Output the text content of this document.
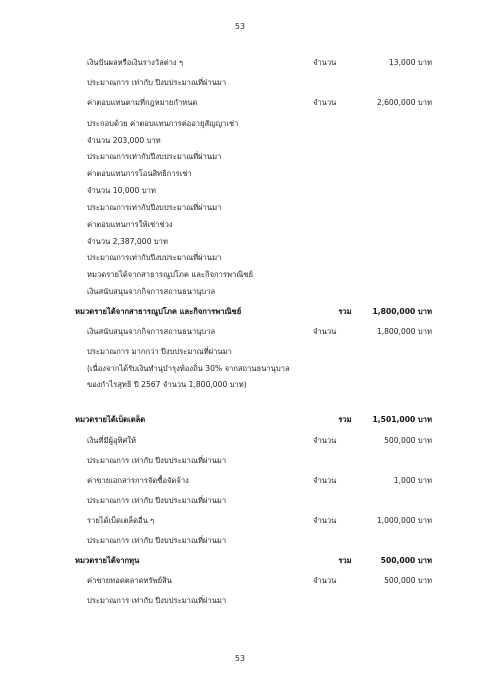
53
เงินปันผลหรือเงินรางวัลต่าง ๆ	จำนวน	13,000 บาท
ประมาณการ เท่ากับ ปีงบประมาณที่ผ่านมา
ค่าตอบแทนตามที่กฎหมายกำหนด	จำนวน	2,600,000 บาท
ประกอบด้วย ค่าตอบแทนการต่ออายุสัญญาเช่า
จำนวน 203,000 บาท
ประมาณการเท่ากับปีงบประมาณที่ผ่านมา
ค่าตอบแทนการโอนสิทธิการเช่า
จำนวน 10,000 บาท
ประมาณการเท่ากับปีงบประมาณที่ผ่านมา
ค่าตอบแทนการให้เช่าช่วง
จำนวน 2,387,000 บาท
ประมาณการเท่ากับปีงบประมาณที่ผ่านมา
หมวดรายได้จากสาธารณูปโภค และกิจการพาณิชย์
เงินสนับสนุนจากกิจการสถานธนานุบาล
หมวดรายได้จากสาธารณูปโภค และกิจการพาณิชย์	รวม	1,800,000 บาท
เงินสนับสนุนจากกิจการสถานธนานุบาล	จำนวน	1,800,000 บาท
ประมาณการ มากกว่า ปีงบประมาณที่ผ่านมา
(เนื่องจากได้รับเงินทำนุบำรุงท้องถิ่น 30% จากสถานธนานุบาล
ของกำไรสุทธิ ปี 2567 จำนวน 1,800,000 บาท)
หมวดรายได้เบ็ดเตล็ด	รวม	1,501,000 บาท
เงินที่มีผู้อุทิศให้	จำนวน	500,000 บาท
ประมาณการ เท่ากับ ปีงบประมาณที่ผ่านมา
ค่าขายเอกสารการจัดซื้อจัดจ้าง	จำนวน	1,000 บาท
ประมาณการ เท่ากับ ปีงบประมาณที่ผ่านมา
รายได้เบ็ดเตล็ดอื่น ๆ	จำนวน	1,000,000 บาท
ประมาณการ เท่ากับ ปีงบประมาณที่ผ่านมา
หมวดรายได้จากทุน	รวม	500,000 บาท
ค่าขายทอดตลาดทรัพย์สิน	จำนวน	500,000 บาท
ประมาณการ เท่ากับ ปีงบประมาณที่ผ่านมา
53
